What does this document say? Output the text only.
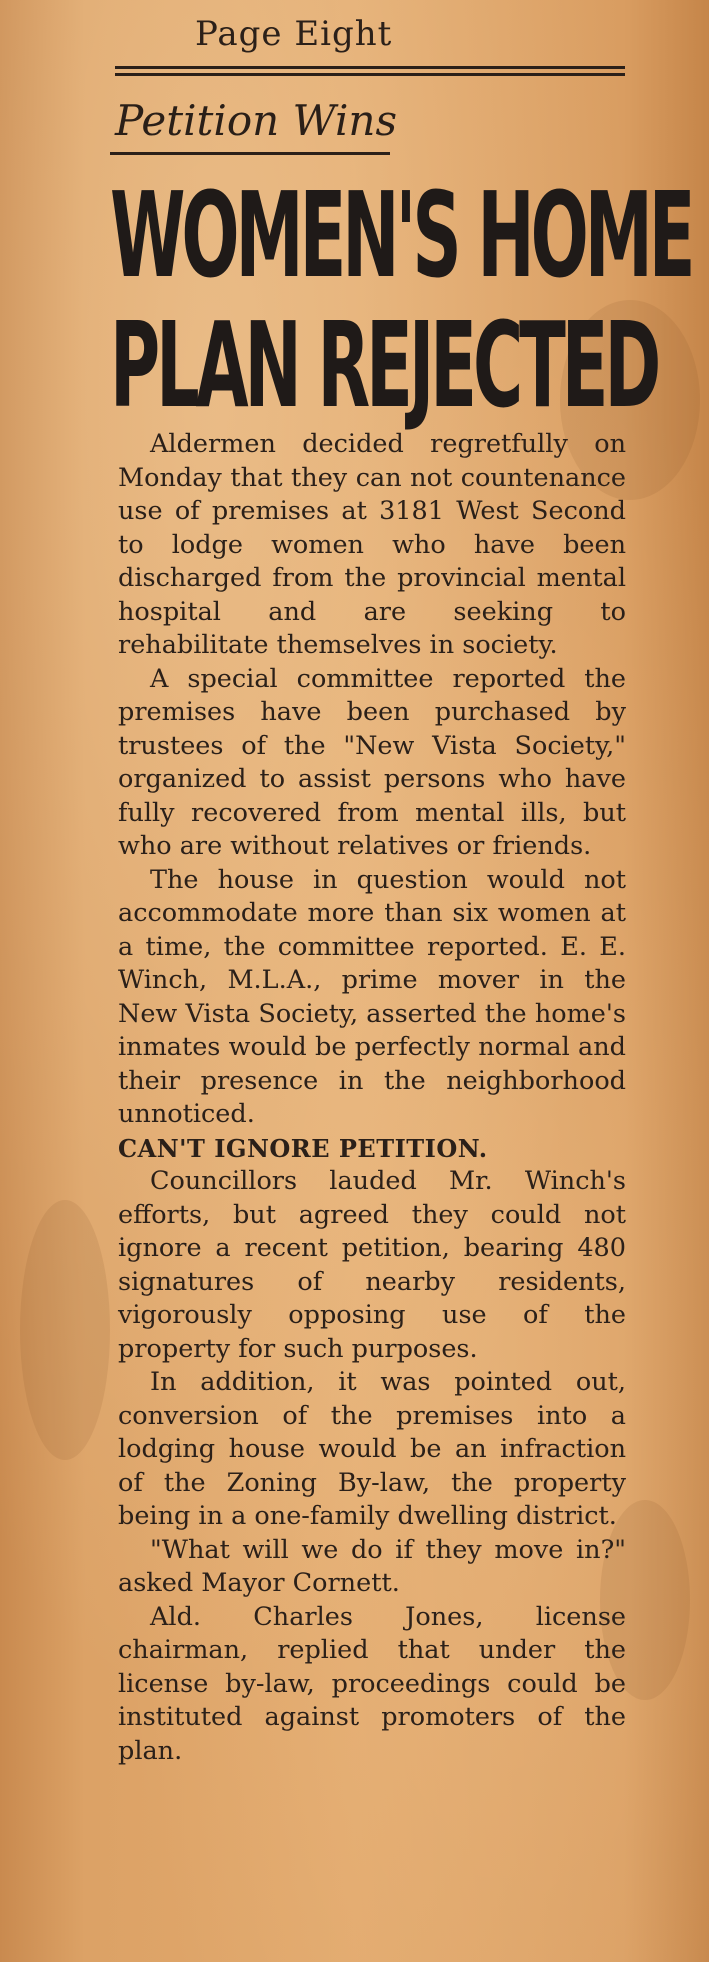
Page Eight
Petition Wins
WOMEN'S HOME
PLAN REJECTED

Aldermen decided regretfully on Monday that they can not countenance use of premises at 3181 West Second to lodge women who have been discharged from the provincial mental hospital and are seeking to rehabilitate themselves in society.

A special committee reported the premises have been purchased by trustees of the "New Vista Society," organized to assist persons who have fully recovered from mental ills, but who are without relatives or friends.

The house in question would not accommodate more than six women at a time, the committee reported. E. E. Winch, M.L.A., prime mover in the New Vista Society, asserted the home's inmates would be perfectly normal and their presence in the neighborhood unnoticed.

CAN'T IGNORE PETITION.

Councillors lauded Mr. Winch's efforts, but agreed they could not ignore a recent petition, bearing 480 signatures of nearby residents, vigorously opposing use of the property for such purposes.

In addition, it was pointed out, conversion of the premises into a lodging house would be an infraction of the Zoning By-law, the property being in a one-family dwelling district.

"What will we do if they move in?" asked Mayor Cornett.

Ald. Charles Jones, license chairman, replied that under the license by-law, proceedings could be instituted against promoters of the plan.
